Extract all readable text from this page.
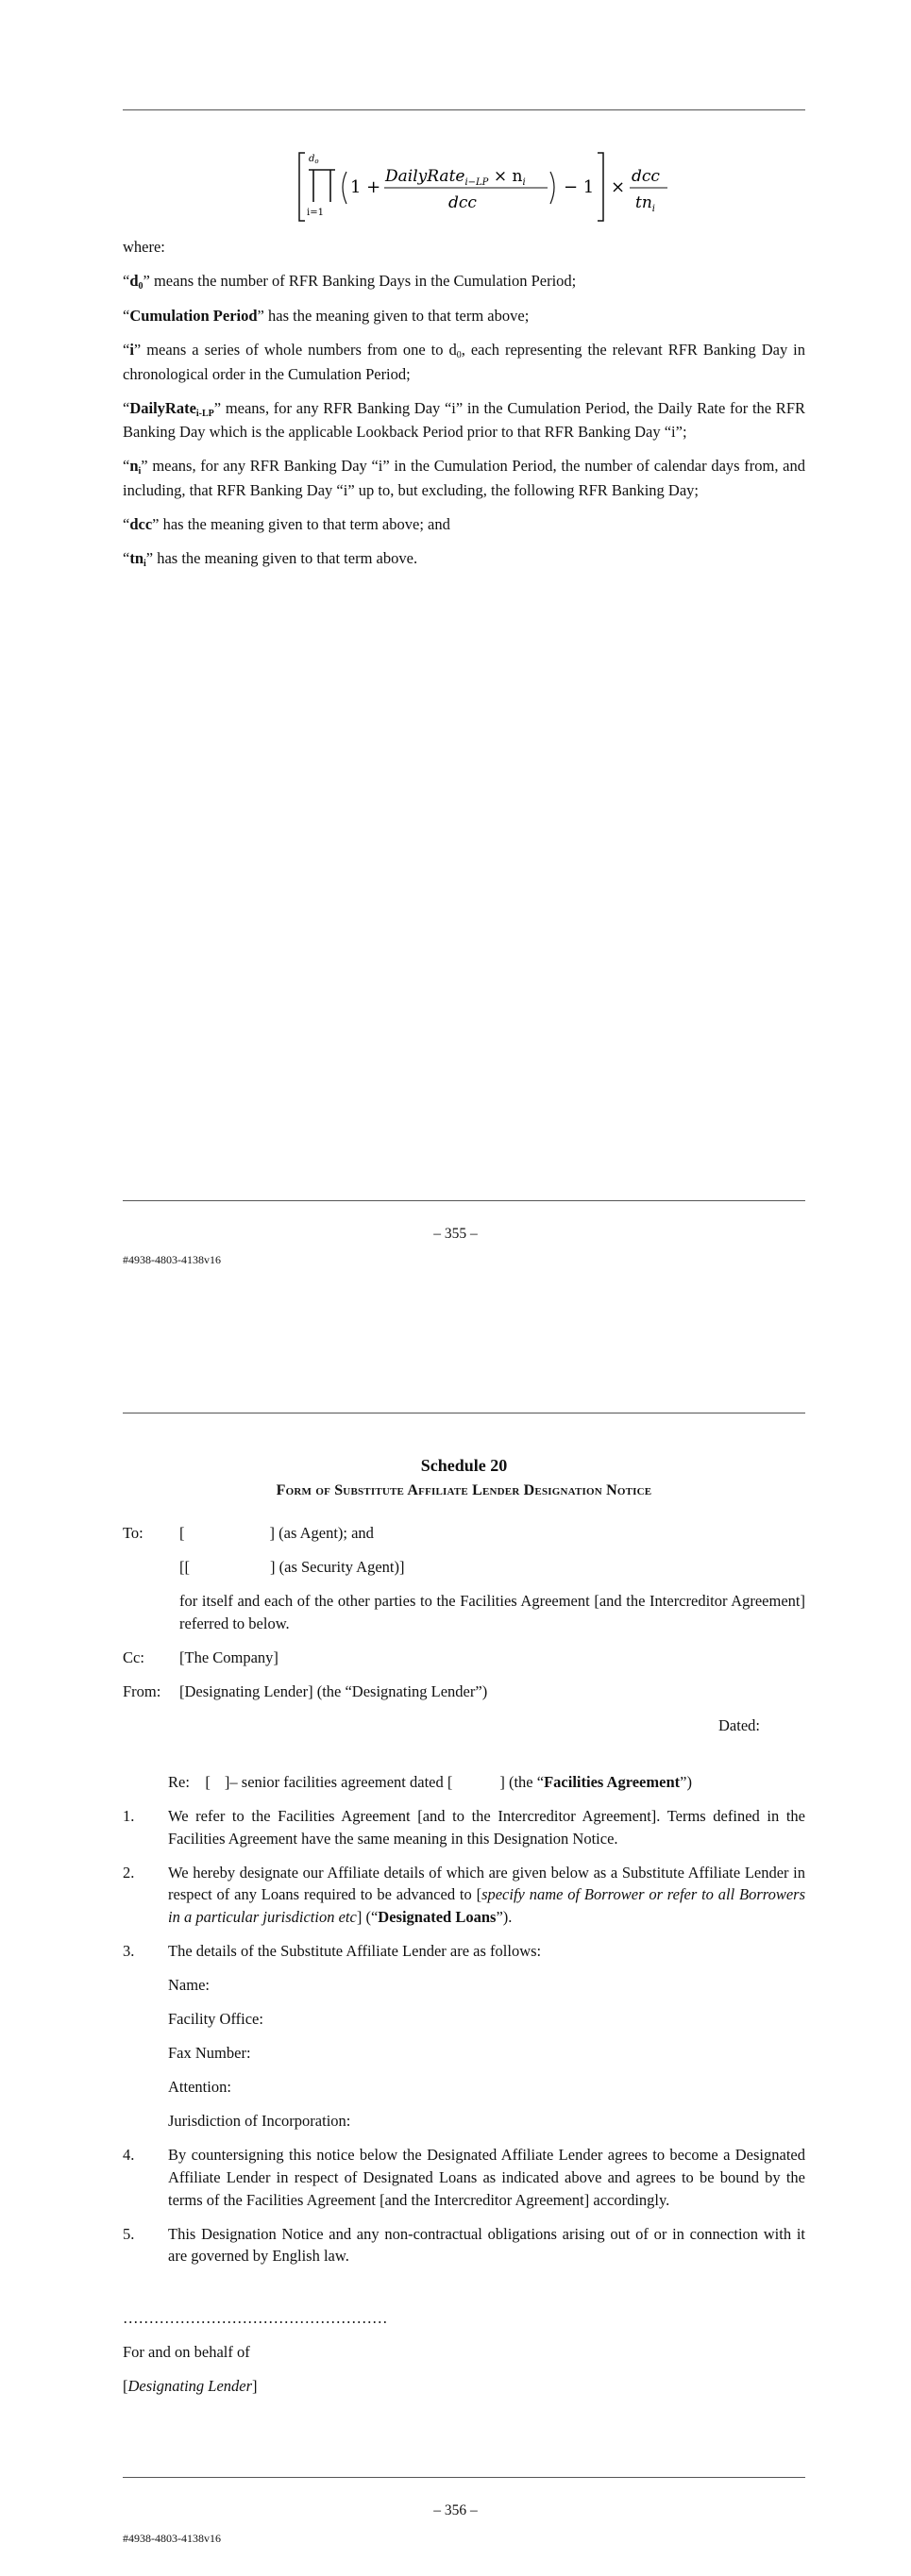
$d_o$
i=1
1 +
DailyRate$_{i-LP}$ × $n_i$
dcc
− 1 ×
dcc
$tn_i$

where:

“$d_0$” means the number of RFR Banking Days in the Cumulation Period;

“Cumulation Period” has the meaning given to that term above;

“i” means a series of whole numbers from one to d0, each representing the relevant RFR Banking Day in chronological order in the Cumulation Period;

“DailyRate$_{i-LP}$” means, for any RFR Banking Day “i” in the Cumulation Period, the Daily Rate for the RFR Banking Day which is the applicable Lookback Period prior to that RFR Banking Day “i”;

“$n_i$” means, for any RFR Banking Day “i” in the Cumulation Period, the number of calendar days from, and including, that RFR Banking Day “i” up to, but excluding, the following RFR Banking Day;

“dcc” has the meaning given to that term above; and

“$tn_i$” has the meaning given to that term above.

– 355 –
#4938-4803-4138v16

Schedule 20

Form of Substitute Affiliate Lender Designation Notice

To: [	] (as Agent); and
[[	] (as Security Agent)]
for itself and each of the other parties to the Facilities Agreement [and the Intercreditor Agreement] referred to below.
Cc: [The Company]
From: [Designating Lender] (the “Designating Lender”)

Dated:

Re: [ ]– senior facilities agreement dated [	] (the “Facilities Agreement”)

1. We refer to the Facilities Agreement [and to the Intercreditor Agreement]. Terms defined in the Facilities Agreement have the same meaning in this Designation Notice.
2. We hereby designate our Affiliate details of which are given below as a Substitute Affiliate Lender in respect of any Loans required to be advanced to [specify name of Borrower or refer to all Borrowers in a particular jurisdiction etc] (“Designated Loans”).
3. The details of the Substitute Affiliate Lender are as follows:

Name:

Facility Office:

Fax Number:

Attention:

Jurisdiction of Incorporation:

4. By countersigning this notice below the Designated Affiliate Lender agrees to become a Designated Affiliate Lender in respect of Designated Loans as indicated above and agrees to be bound by the terms of the Facilities Agreement [and the Intercreditor Agreement] accordingly.
5. This Designation Notice and any non-contractual obligations arising out of or in connection with it are governed by English law.

……………………………………………

For and on behalf of

[Designating Lender]

– 356 –
#4938-4803-4138v16
